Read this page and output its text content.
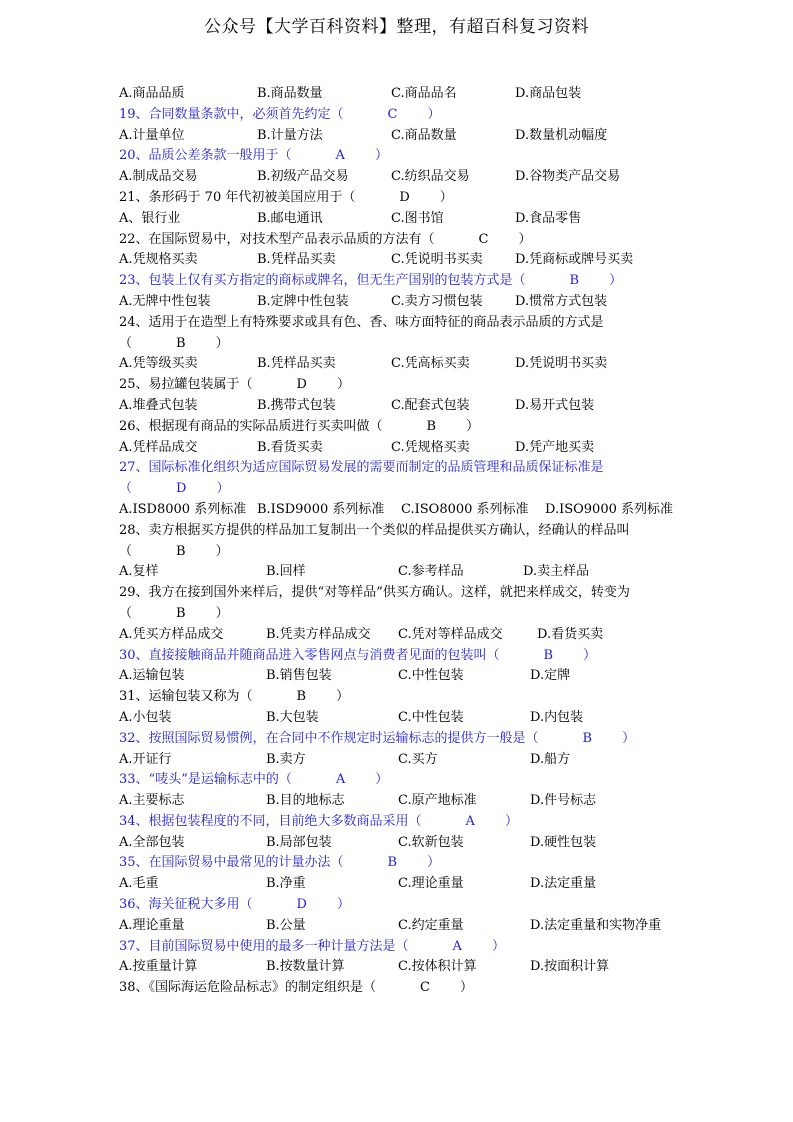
公众号【大学百科资料】整理，有超百科复习资料
A.商品品质	B.商品数量	C.商品品名	D.商品包装
19、合同数量条款中，必须首先约定（	C ）
A.计量单位	B.计量方法	C.商品数量	D.数量机动幅度
20、品质公差条款一般用于（	A ）
A.制成品交易	B.初级产品交易	C.纺织品交易	D.谷物类产品交易
21、条形码于 70 年代初被美国应用于（	D ）
A、银行业	B.邮电通讯	C.图书馆	D.食品零售
22、在国际贸易中，对技术型产品表示品质的方法有（	C ）
A.凭规格买卖	B.凭样品买卖	C.凭说明书买卖 D.凭商标或牌号买卖
23、包装上仅有买方指定的商标或牌名，但无生产国别的包装方式是（	B ）
A.无牌中性包装	B.定牌中性包装	C.卖方习惯包装 D.惯常方式包装
24、适用于在造型上有特殊要求或具有色、香、味方面特征的商品表示品质的方式是
（	B ）
A.凭等级买卖	B.凭样品买卖	C.凭高标买卖	D.凭说明书买卖
25、易拉罐包装属于（	D ）
A.堆叠式包装	B.携带式包装	C.配套式包装	D.易开式包装
26、根据现有商品的实际品质进行买卖叫做（	B ）
A.凭样品成交	B.看货买卖	C.凭规格买卖	D.凭产地买卖
27、国际标准化组织为适应国际贸易发展的需要而制定的品质管理和品质保证标准是
（	D ）
A.ISD8000 系列标准 B.ISD9000 系列标准 C.ISO8000 系列标准 D.ISO9000 系列标准
28、卖方根据买方提供的样品加工复制出一个类似的样品提供买方确认，经确认的样品叫
（	B ）
A.复样	B.回样	C.参考样品	D.卖主样品
29、我方在接到国外来样后，提供“对等样品”供买方确认。这样，就把来样成交，转变为
（	B ）
A.凭买方样品成交	B.凭卖方样品成交 C.凭对等样品成交	D.看货买卖
30、直接接触商品并随商品进入零售网点与消费者见面的包装叫（	B ）
A.运输包装	B.销售包装	C.中性包装	D.定牌
31、运输包装又称为（	B ）
A.小包装	B.大包装	C.中性包装	D.内包装
32、按照国际贸易惯例，在合同中不作规定时运输标志的提供方一般是（	B ）
A.开证行	B.卖方	C.买方	D.船方
33、“唛头”是运输标志中的（	A ）
A.主要标志	B.目的地标志	C.原产地标准	D.件号标志
34、根据包装程度的不同，目前绝大多数商品采用（	A ）
A.全部包装	B.局部包装	C.软新包装	D.硬性包装
35、在国际贸易中最常见的计量办法（	B ）
A.毛重	B.净重	C.理论重量	D.法定重量
36、海关征税大多用（	D ）
A.理论重量	B.公量	C.约定重量	D.法定重量和实物净重
37、目前国际贸易中使用的最多一种计量方法是（	A ）
A.按重量计算	B.按数量计算	C.按体积计算	D.按面积计算
38、《国际海运危险品标志》的制定组织是（	C ）
